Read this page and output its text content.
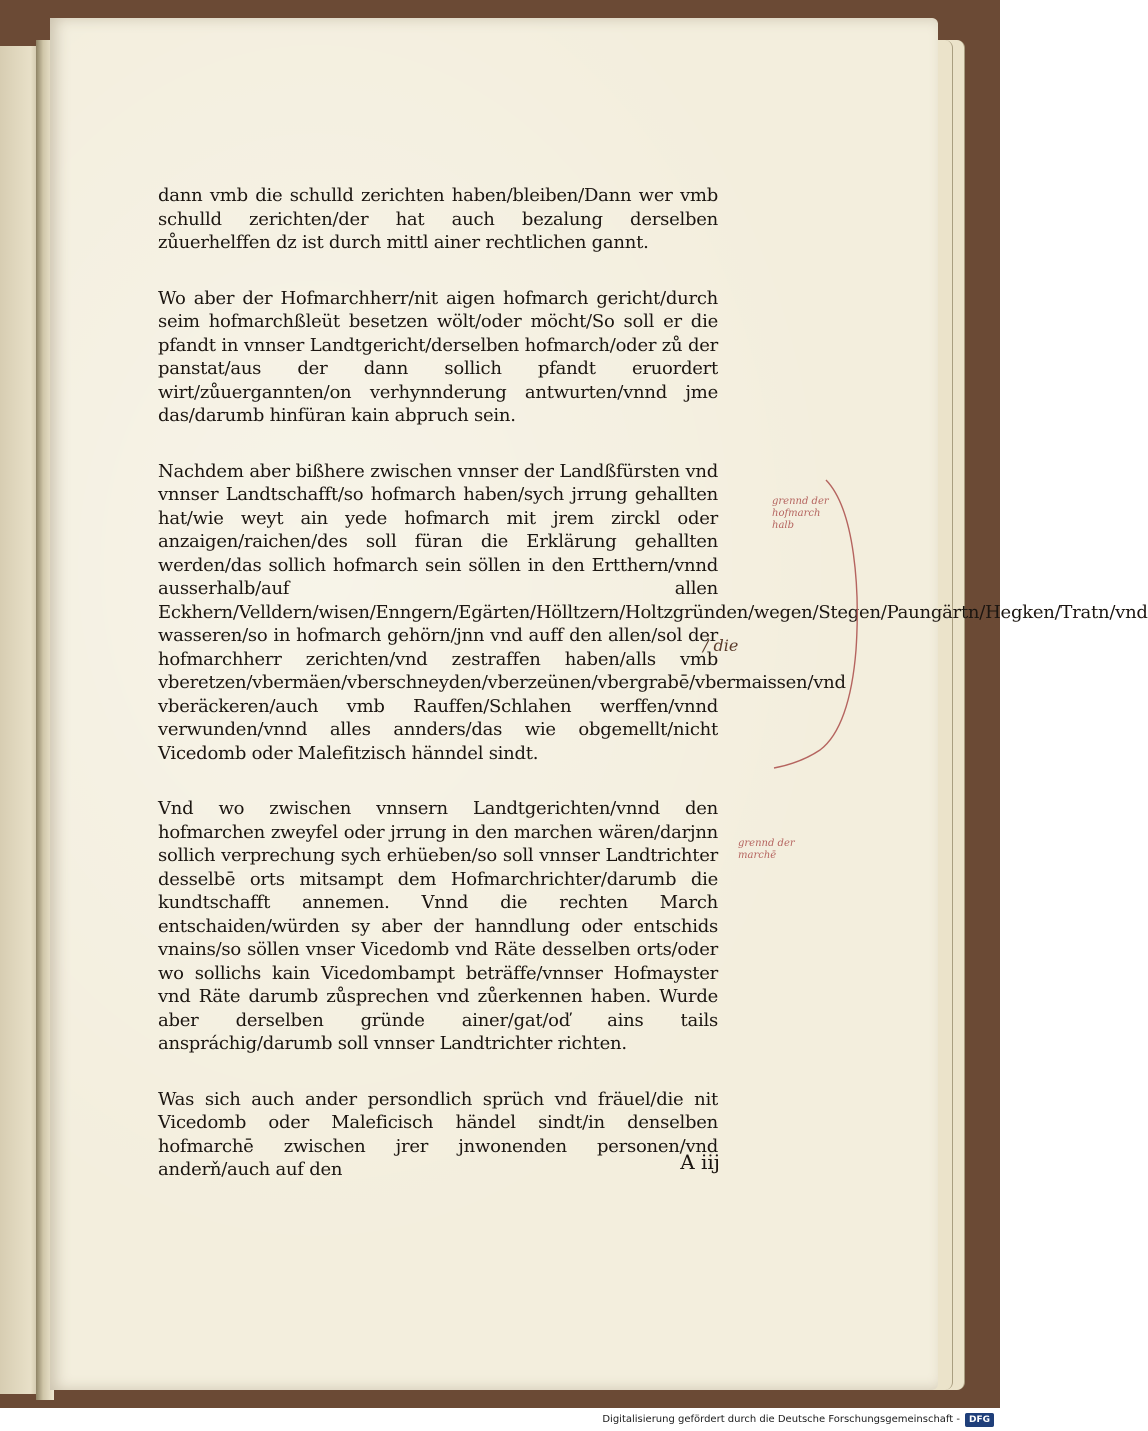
dann vmb die schulld zerichten haben/bleiben/Dann wer vmb schulld zerichten/der hat auch bezalung derselben zůuerhelffen dz ist durch mittl ainer rechtlichen gannt.

Wo aber der Hofmarchherr/nit aigen hofmarch gericht/durch seim hofmarchßleüt besetzen wölt/oder möcht/So soll er die pfandt in vnnser Landtgericht/derselben hofmarch/oder zů der panstat/aus der dann sollich pfandt eruordert wirt/zůuergannten/on verhynnderung antwurten/vnnd jme das/darumb hinfüran kain abpruch sein.

Nachdem aber bißhere zwischen vnnser der Landßfürsten vnd vnnser Landtschafft/so hofmarch haben/sych jrrung gehallten hat/wie weyt ain yede hofmarch mit jrem zirckl oder anzaigen/raichen/des soll füran die Erklärung gehallten werden/das sollich hofmarch sein söllen in den Ertthern/vnnd ausserhalb/auf allen Eckhern/Velldern/wisen/Enngern/Egärten/Hölltzern/Holtzgründen/wegen/Stegen/Paungärtn/Hegken/Tratn/vnd wasseren/so in hofmarch gehörn/jnn vnd auff den allen/sol der hofmarchherr zerichten/vnd zestraffen haben/alls vmb vberetzen/vbermäen/vberschneyden/vberzeünen/vbergrabē/vbermaissen/vnd vberäckeren/auch vmb Rauffen/Schlahen werffen/vnnd verwunden/vnnd alles annders/das wie obgemellt/nicht Vicedomb oder Malefitzisch hänndel sindt.

Vnd wo zwischen vnnsern Landtgerichten/vnnd den hofmarchen zweyfel oder jrrung in den marchen wären/darjnn sollich verprechung sych erhüeben/so soll vnnser Landtrichter desselbē orts mitsampt dem Hofmarchrichter/darumb die kundtschafft annemen. Vnnd die rechten March entschaiden/würden sy aber der hanndlung oder entschids vnains/so söllen vnser Vicedomb vnd Räte desselben orts/oder wo sollichs kain Vicedombampt beträffe/vnnser Hofmayster vnd Räte darumb zůsprechen vnd zůerkennen haben. Wurde aber derselben gründe ainer/gat/oď ains tails anspráchig/darumb soll vnnser Landtrichter richten.

Was sich auch ander persondlich sprüch vnd fräuel/die nit Vicedomb oder Maleficisch händel sindt/in denselben hofmarchē zwischen jrer jnwonenden personen/vnd anderň/auch auf den	A iij
grennd der hofmarch halb
/ die
grennd der marchē
Digitalisierung gefördert durch die Deutsche Forschungsgemeinschaft -	DFG
